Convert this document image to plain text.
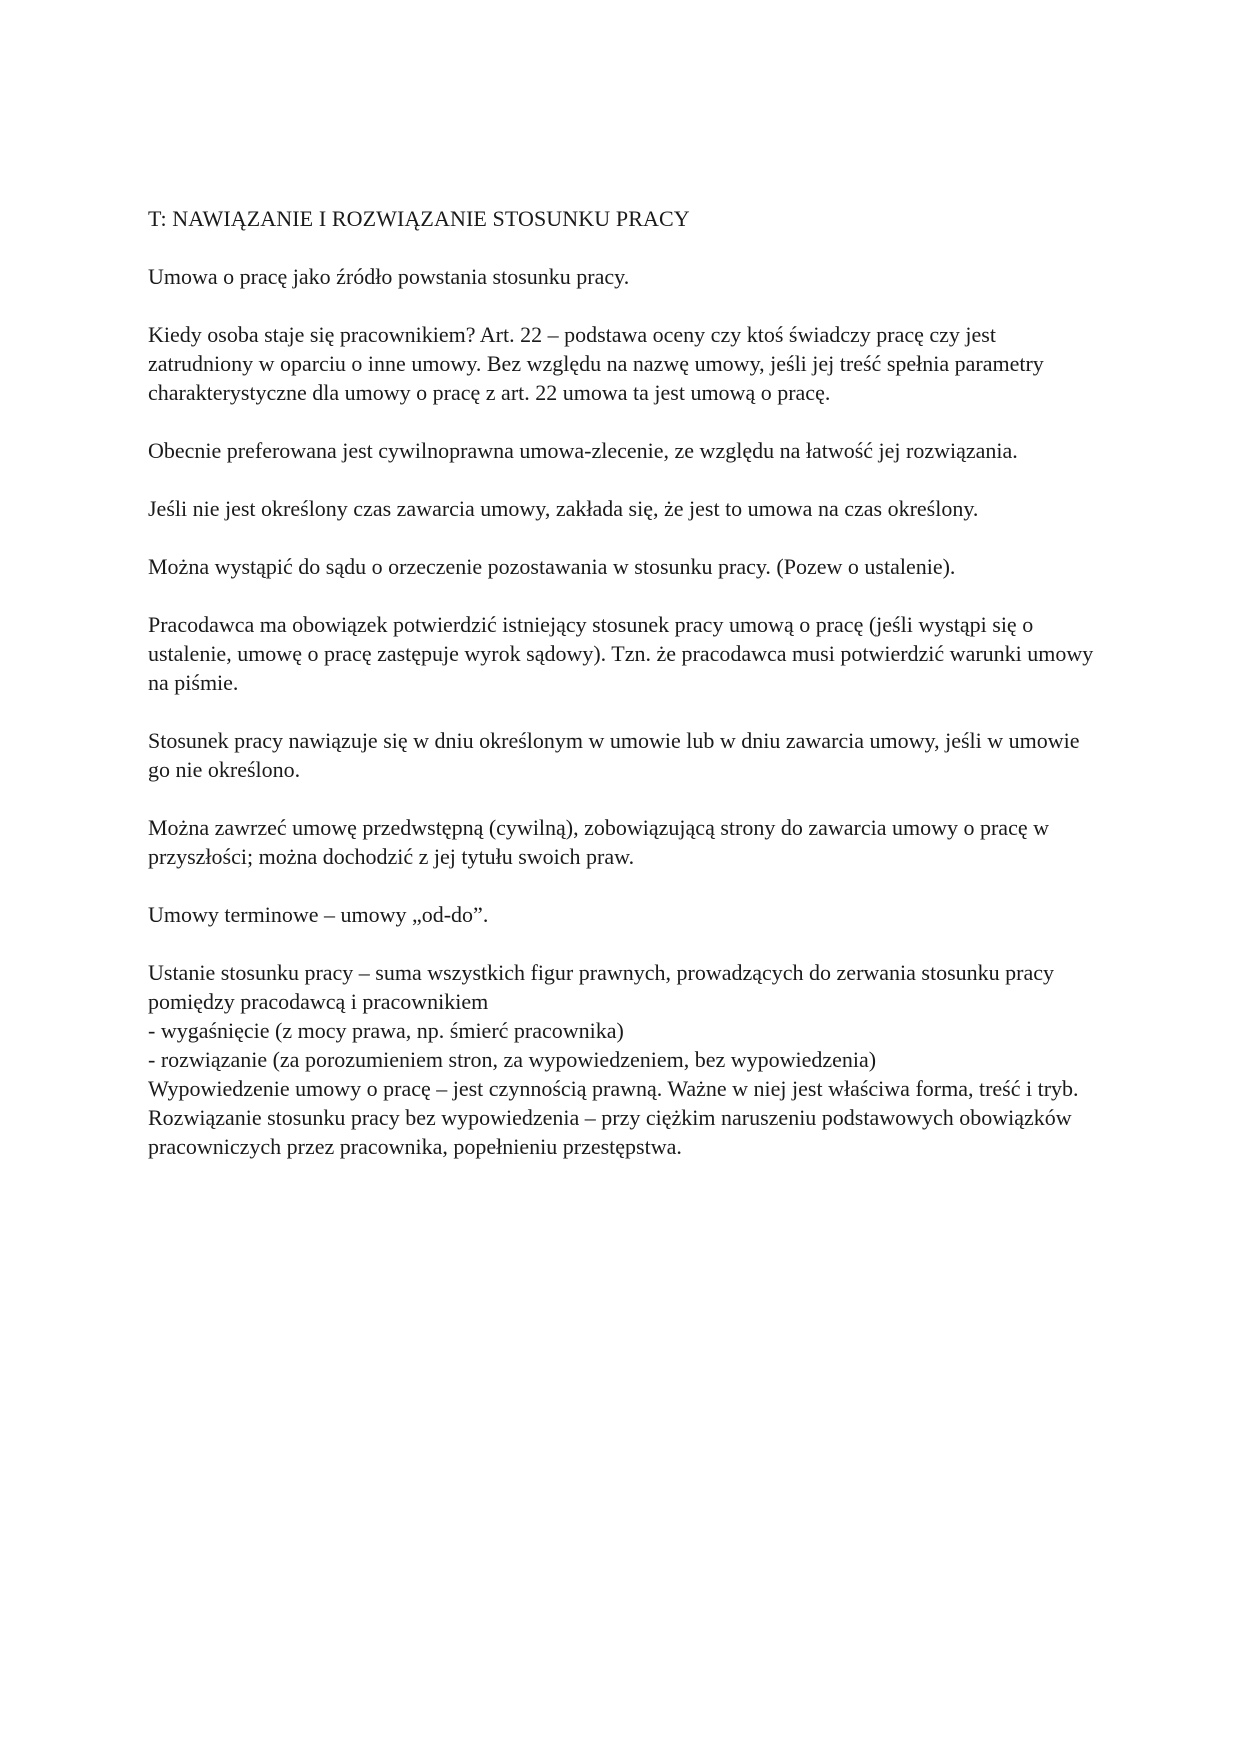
T: NAWIĄZANIE I ROZWIĄZANIE STOSUNKU PRACY

Umowa o pracę jako źródło powstania stosunku pracy.

Kiedy osoba staje się pracownikiem? Art. 22 – podstawa oceny czy ktoś świadczy pracę czy jest zatrudniony w oparciu o inne umowy. Bez względu na nazwę umowy, jeśli jej treść spełnia parametry charakterystyczne dla umowy o pracę z art. 22 umowa ta jest umową o pracę.

Obecnie preferowana jest cywilnoprawna umowa-zlecenie, ze względu na łatwość jej rozwiązania.

Jeśli nie jest określony czas zawarcia umowy, zakłada się, że jest to umowa na czas określony.

Można wystąpić do sądu o orzeczenie pozostawania w stosunku pracy. (Pozew o ustalenie).

Pracodawca ma obowiązek potwierdzić istniejący stosunek pracy umową o pracę (jeśli wystąpi się o ustalenie, umowę o pracę zastępuje wyrok sądowy). Tzn. że pracodawca musi potwierdzić warunki umowy na piśmie.

Stosunek pracy nawiązuje się w dniu określonym w umowie lub w dniu zawarcia umowy, jeśli w umowie go nie określono.

Można zawrzeć umowę przedwstępną (cywilną), zobowiązującą strony do zawarcia umowy o pracę w przyszłości; można dochodzić z jej tytułu swoich praw.

Umowy terminowe – umowy „od-do”.

Ustanie stosunku pracy – suma wszystkich figur prawnych, prowadzących do zerwania stosunku pracy pomiędzy pracodawcą i pracownikiem

- wygaśnięcie (z mocy prawa, np. śmierć pracownika)

- rozwiązanie (za porozumieniem stron, za wypowiedzeniem, bez wypowiedzenia)

Wypowiedzenie umowy o pracę – jest czynnością prawną. Ważne w niej jest właściwa forma, treść i tryb.

Rozwiązanie stosunku pracy bez wypowiedzenia – przy ciężkim naruszeniu podstawowych obowiązków pracowniczych przez pracownika, popełnieniu przestępstwa.
